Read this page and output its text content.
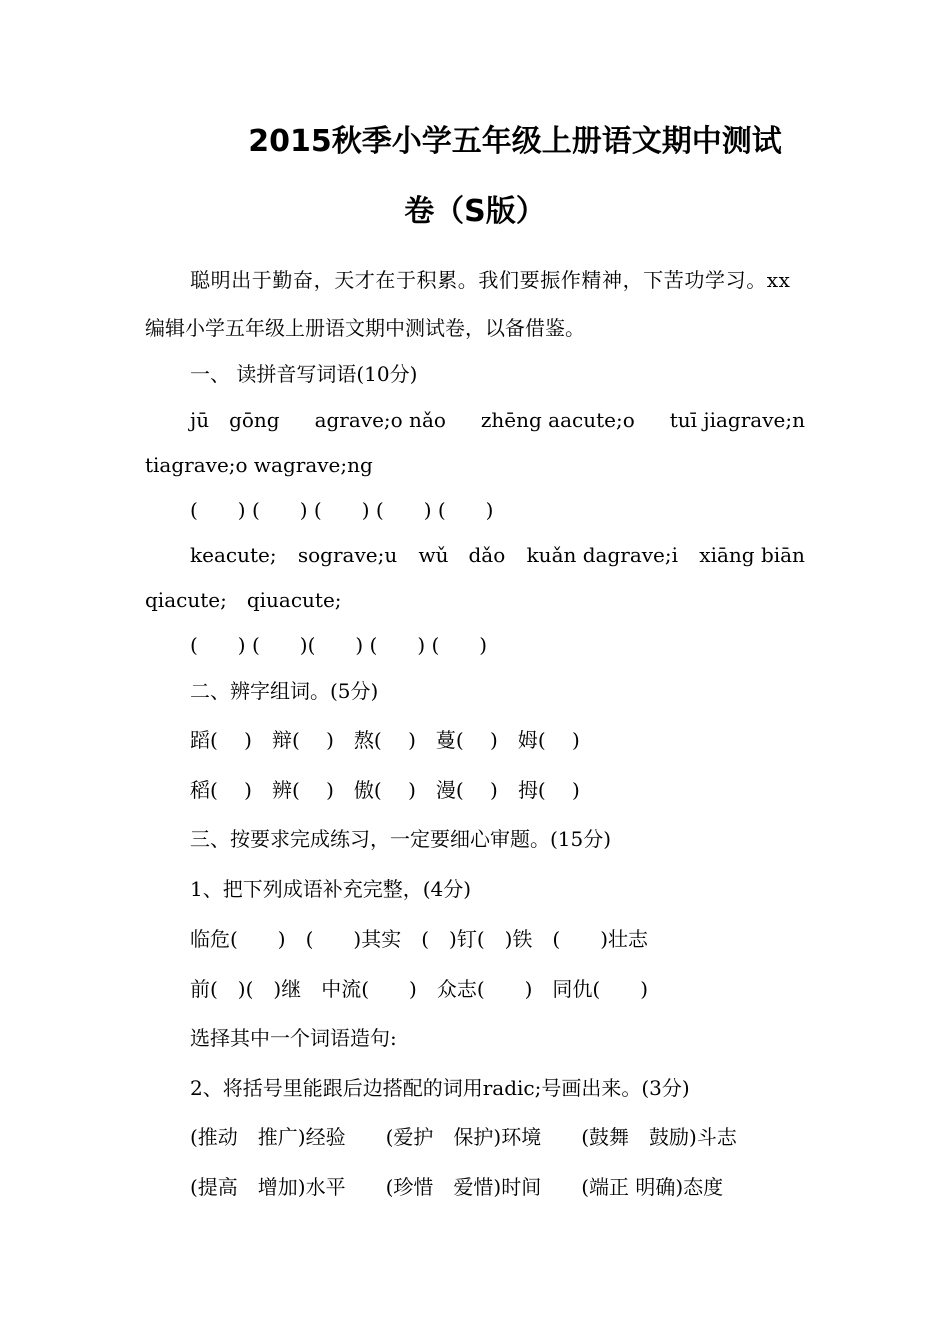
2015秋季小学五年级上册语文期中测试
卷（S版）
聪明出于勤奋，天才在于积累。我们要振作精神，下苦功学习。xx
编辑小学五年级上册语文期中测试卷，以备借鉴。
一、 读拼音写词语(10分)
jū　gōng agrave;o nǎo zhēng aacute;o tuī jiagrave;n
tiagrave;o wagrave;ng
(　　) (　　) (　　) (　　) (　　)
keacute; sograve;u wǔ　dǎo kuǎn dagrave;i xiāng biān
qiacute;　qiuacute;
(　　) (　　)(　　) (　　) (　　)
二、辨字组词。(5分)
蹈(　 )　辩(　 )　熬(　 )　蔓(　 )　姆(　 )
稻(　 )　辨(　 )　傲(　 )　漫(　 )　拇(　 )
三、按要求完成练习，一定要细心审题。(15分)
1、把下列成语补充完整，(4分)
临危(　　)　(　　)其实　(　)钉(　)铁　(　　)壮志
前(　)(　)继　中流(　　)　众志(　　)　同仇(　　)
选择其中一个词语造句:
2、将括号里能跟后边搭配的词用radic;号画出来。(3分)
(推动　推广)经验　　(爱护　保护)环境　　(鼓舞　鼓励)斗志
(提高　增加)水平　　(珍惜　爱惜)时间　　(端正 明确)态度
